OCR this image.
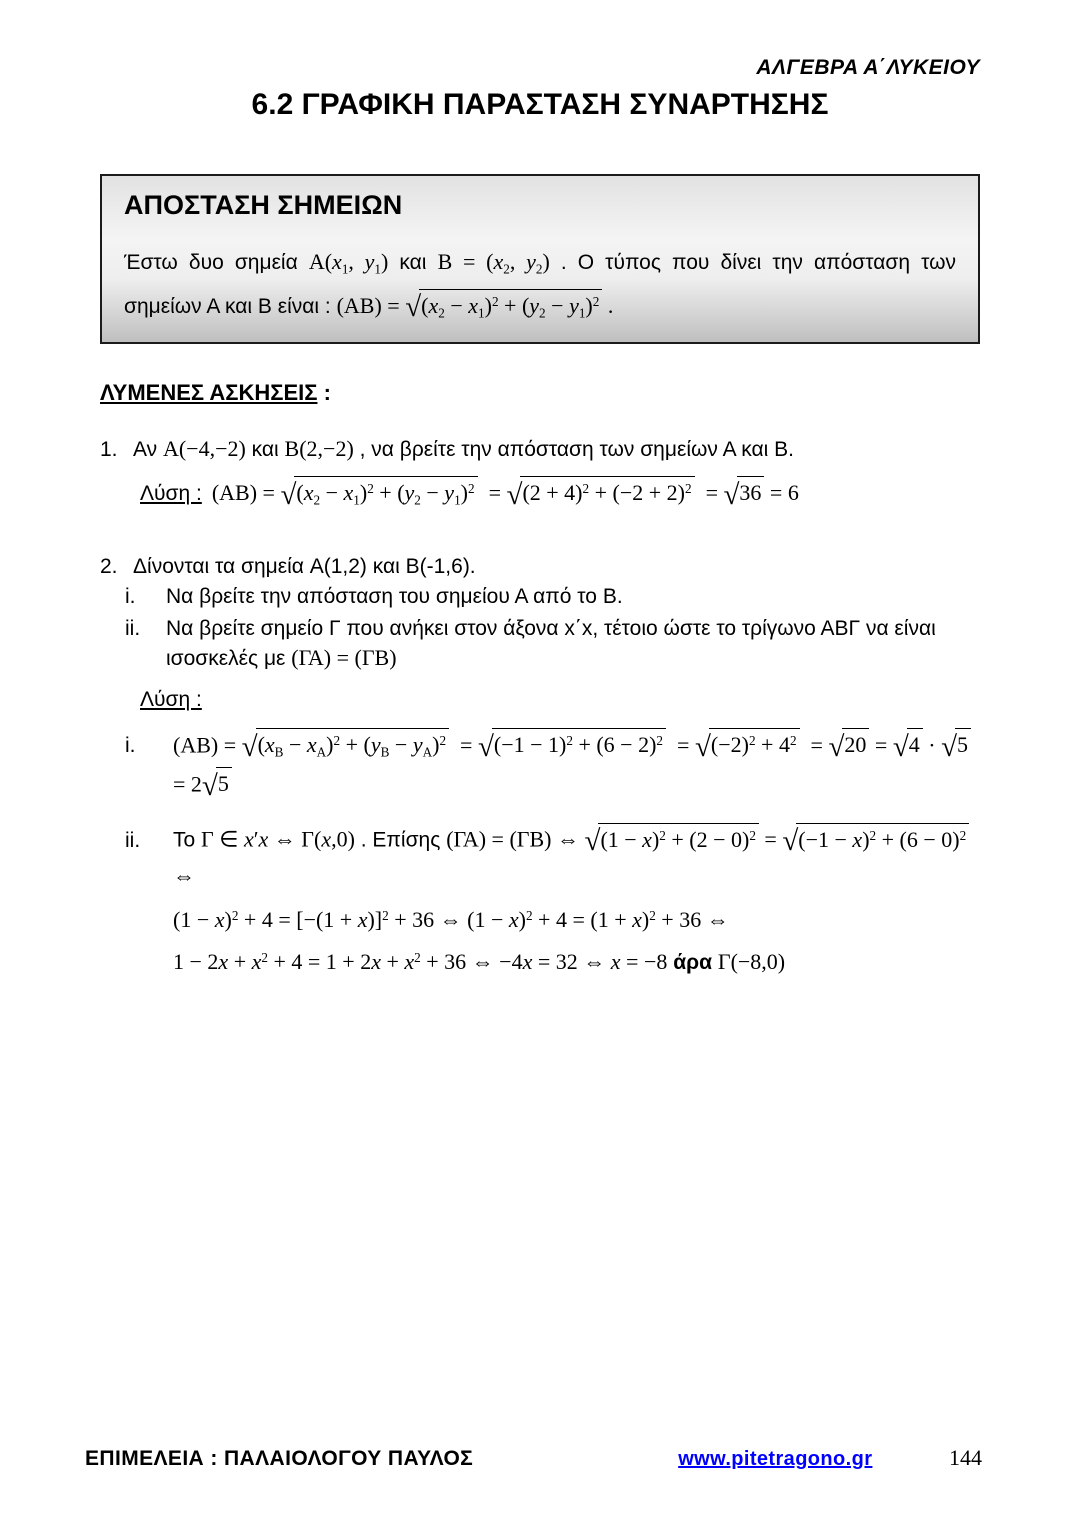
ΑΛΓΕΒΡΑ Α΄ΛΥΚΕΙΟΥ
6.2 ΓΡΑΦΙΚΗ ΠΑΡΑΣΤΑΣΗ ΣΥΝΑΡΤΗΣΗΣ
ΑΠΟΣΤΑΣΗ ΣΗΜΕΙΩΝ
Έστω δυο σημεία $A(x_1$, $y_1$) και $B = (x_2$, $y_2$) . Ο τύπος που δίνει την απόσταση των
σημείων Α και Β είναι : $(AB) = √(x_2 - x_1)^2 + (y_2 - y_1)^2$ .
ΛΥΜΕΝΕΣ ΑΣΚΗΣΕΙΣ :
1. Αν A(−4,−2) και B(2,−2) , να βρείτε την απόσταση των σημείων Α και Β.
Λύση : $(AB) = √(x_2 - x_1)^2 + (y_2 - y_1)^2 = √(2 + 4)^2 + (-2 + 2)^2 = √36 = 6$
2. Δίνονται τα σημεία A(1,2) και B(-1,6).
i.	Να βρείτε την απόσταση του σημείου Α από το Β.
ii.	Να βρείτε σημείο Γ που ανήκει στον άξονα x΄x, τέτοιο ώστε το τρίγωνο ΑΒΓ να είναι ισοσκελές με (ΓΑ) = (ΓΒ)
Λύση :
i.	$(AB) = √(x_B - x_A)^2 + (y_B - y_A)^2 = √(-1 - 1)^2 + (6 - 2)^2 = √(-2)^2 + 4^2 = √20 = √4 \cdot √5 = 2√5$
ii.	Το Γ ∈ x′x ⇔ Γ(x,0) . Επίσης (ΓΑ) = (ΓΒ) ⇔ $√(1 - x)^2 + (2 - 0)^2 = √(-1 - x)^2 + (6 - 0)^2$ ⇔
$(1 - x)^2 + 4 = [-(1 + x)]^2 + 36$ ⇔ $(1 - x)^2 + 4 = (1 + x)^2 + 36$ ⇔
$1 - 2x + x^2 + 4 = 1 + 2x + x^2 + 36$ ⇔ −4x = 32 ⇔ x = −8 άρα Γ(−8,0)
ΕΠΙΜΕΛΕΙΑ : ΠΑΛΑΙΟΛΟΓΟΥ ΠΑΥΛΟΣ	www.pitetragono.gr	144
